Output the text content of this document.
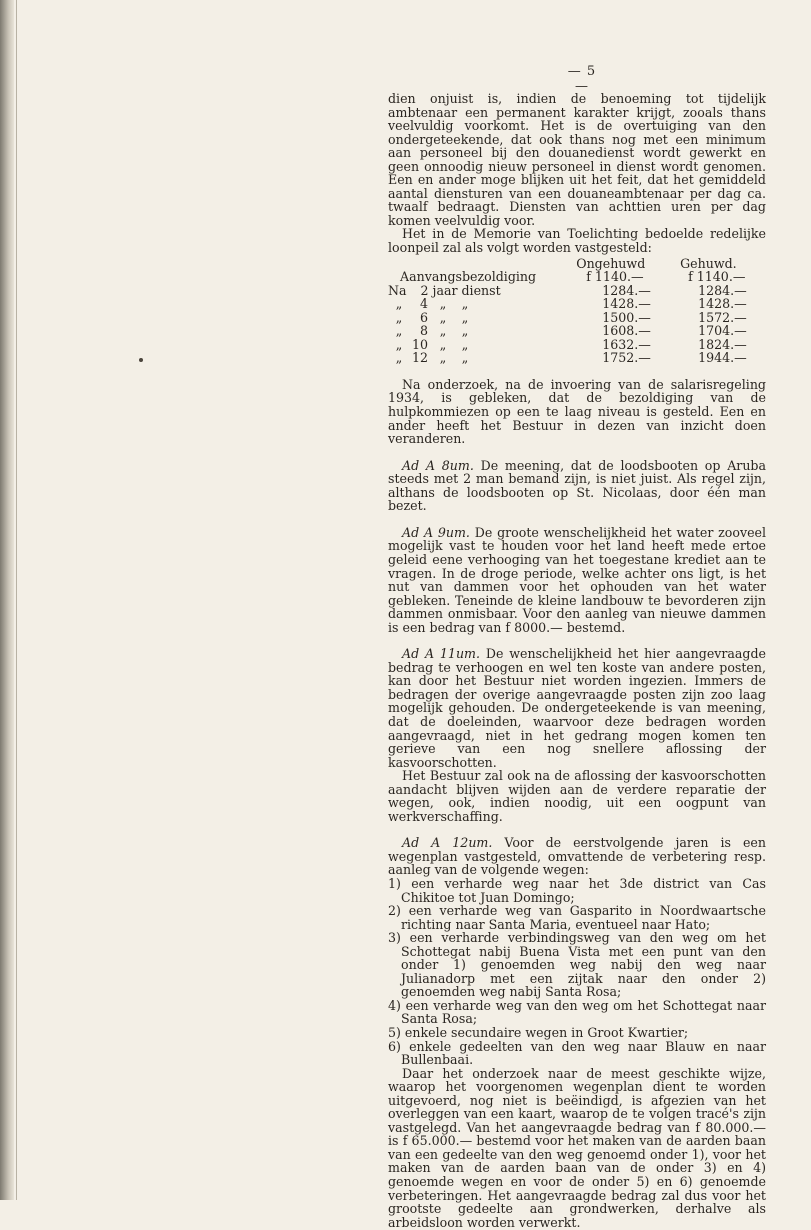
— 5 —

dien onjuist is, indien de benoeming tot tijdelijk ambtenaar een permanent karakter krijgt, zooals thans veelvuldig voorkomt. Het is de overtuiging van den ondergeteekende, dat ook thans nog met een minimum aan personeel bij den douanedienst wordt gewerkt en geen onnoodig nieuw personeel in dienst wordt genomen. Een en ander moge blijken uit het feit, dat het gemiddeld aantal diensturen van een douaneambtenaar per dag ca. twaalf bedraagt. Diensten van achttien uren per dag komen veelvuldig voor.

Het in de Memorie van Toelichting bedoelde redelijke loonpeil zal als volgt worden vastgesteld:

	Ongehuwd	Gehuwd.
Aanvangsbezoldiging	f 1140.—	f 1140.—
Na 2 jaar dienst	1284.—	1284.—
„ 4 „ „	1428.—	1428.—
„ 6 „ „	1500.—	1572.—
„ 8 „ „	1608.—	1704.—
„ 10 „ „	1632.—	1824.—
„ 12 „ „	1752.—	1944.—

Na onderzoek, na de invoering van de salarisregeling 1934, is gebleken, dat de bezoldiging van de hulpkommiezen op een te laag niveau is gesteld. Een en ander heeft het Bestuur in dezen van inzicht doen veranderen.

Ad A 8um. De meening, dat de loodsbooten op Aruba steeds met 2 man bemand zijn, is niet juist. Als regel zijn, althans de loodsbooten op St. Nicolaas, door één man bezet.

Ad A 9um. De groote wenschelijkheid het water zooveel mogelijk vast te houden voor het land heeft mede ertoe geleid eene verhooging van het toegestane krediet aan te vragen. In de droge periode, welke achter ons ligt, is het nut van dammen voor het ophouden van het water gebleken. Teneinde de kleine landbouw te bevorderen zijn dammen onmisbaar. Voor den aanleg van nieuwe dammen is een bedrag van f 8000.— bestemd.

Ad A 11um. De wenschelijkheid het hier aangevraagde bedrag te verhoogen en wel ten koste van andere posten, kan door het Bestuur niet worden ingezien. Immers de bedragen der overige aangevraagde posten zijn zoo laag mogelijk gehouden. De ondergeteekende is van meening, dat de doeleinden, waarvoor deze bedragen worden aangevraagd, niet in het gedrang mogen komen ten gerieve van een nog snellere aflossing der kasvoorschotten.

Het Bestuur zal ook na de aflossing der kasvoorschotten aandacht blijven wijden aan de verdere reparatie der wegen, ook, indien noodig, uit een oogpunt van werkverschaffing.

Ad A 12um. Voor de eerstvolgende jaren is een wegenplan vastgesteld, omvattende de verbetering resp. aanleg van de volgende wegen:

1) een verharde weg naar het 3de district van Cas Chikitoe tot Juan Domingo;

2) een verharde weg van Gasparito in Noordwaartsche richting naar Santa Maria, eventueel naar Hato;

3) een verharde verbindingsweg van den weg om het Schottegat nabij Buena Vista met een punt van den onder 1) genoemden weg nabij den weg naar Julianadorp met een zijtak naar den onder 2) genoemden weg nabij Santa Rosa;

4) een verharde weg van den weg om het Schottegat naar Santa Rosa;

5) enkele secundaire wegen in Groot Kwartier;

6) enkele gedeelten van den weg naar Blauw en naar Bullenbaai.

Daar het onderzoek naar de meest geschikte wijze, waarop het voorgenomen wegenplan dient te worden uitgevoerd, nog niet is beëindigd, is afgezien van het overleggen van een kaart, waarop de te volgen tracé's zijn vastgelegd. Van het aangevraagde bedrag van f 80.000.— is f 65.000.— bestemd voor het maken van de aarden baan van een gedeelte van den weg genoemd onder 1), voor het maken van de aarden baan van de onder 3) en 4) genoemde wegen en voor de onder 5) en 6) genoemde verbeteringen. Het aangevraagde bedrag zal dus voor het grootste gedeelte aan grondwerken, derhalve als arbeidsloon worden verwerkt.
